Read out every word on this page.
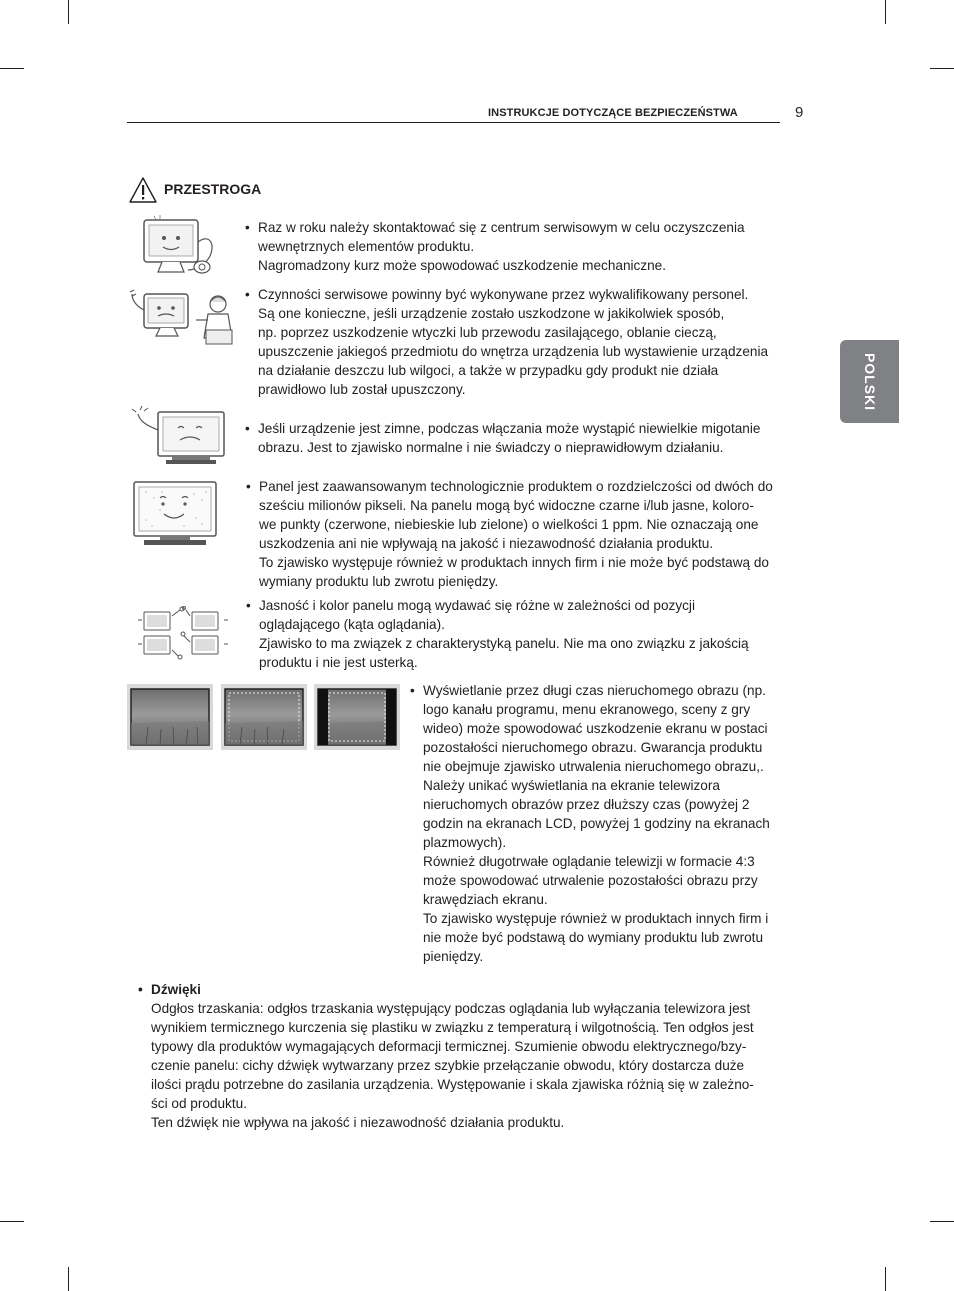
INSTRUKCJE DOTYCZĄCE BEZPIECZEŃSTWA	9
POLSKI
PRZESTROGA
• Raz w roku należy skontaktować się z centrum serwisowym w celu oczyszczenia
wewnętrznych elementów produktu.
Nagromadzony kurz może spowodować uszkodzenie mechaniczne.
• Czynności serwisowe powinny być wykonywane przez wykwalifikowany personel.
Są one konieczne, jeśli urządzenie zostało uszkodzone w jakikolwiek sposób,
np. poprzez uszkodzenie wtyczki lub przewodu zasilającego, oblanie cieczą,
upuszczenie jakiegoś przedmiotu do wnętrza urządzenia lub wystawienie urządzenia
na działanie deszczu lub wilgoci, a także w przypadku gdy produkt nie działa
prawidłowo lub został upuszczony.
• Jeśli urządzenie jest zimne, podczas włączania może wystąpić niewielkie migotanie
obrazu. Jest to zjawisko normalne i nie świadczy o nieprawidłowym działaniu.
• Panel jest zaawansowanym technologicznie produktem o rozdzielczości od dwóch do
sześciu milionów pikseli. Na panelu mogą być widoczne czarne i/lub jasne, koloro-
we punkty (czerwone, niebieskie lub zielone) o wielkości 1 ppm. Nie oznaczają one
uszkodzenia ani nie wpływają na jakość i niezawodność działania produktu.
To zjawisko występuje również w produktach innych firm i nie może być podstawą do
wymiany produktu lub zwrotu pieniędzy.
• Jasność i kolor panelu mogą wydawać się różne w zależności od pozycji
oglądającego (kąta oglądania).
Zjawisko to ma związek z charakterystyką panelu. Nie ma ono związku z jakością
produktu i nie jest usterką.
• Wyświetlanie przez długi czas nieruchomego obrazu (np.
logo kanału programu, menu ekranowego, sceny z gry
wideo) może spowodować uszkodzenie ekranu w postaci
pozostałości nieruchomego obrazu. Gwarancja produktu
nie obejmuje zjawisko utrwalenia nieruchomego obrazu,.
Należy unikać wyświetlania na ekranie telewizora
nieruchomych obrazów przez dłuższy czas (powyżej 2
godzin na ekranach LCD, powyżej 1 godziny na ekranach
plazmowych).
Również długotrwałe oglądanie telewizji w formacie 4:3
może spowodować utrwalenie pozostałości obrazu przy
krawędziach ekranu.
To zjawisko występuje również w produktach innych firm i
nie może być podstawą do wymiany produktu lub zwrotu
pieniędzy.
• Dźwięki
Odgłos trzaskania: odgłos trzaskania występujący podczas oglądania lub wyłączania telewizora jest
wynikiem termicznego kurczenia się plastiku w związku z temperaturą i wilgotnością. Ten odgłos jest
typowy dla produktów wymagających deformacji termicznej. Szumienie obwodu elektrycznego/bzy-
czenie panelu: cichy dźwięk wytwarzany przez szybkie przełączanie obwodu, który dostarcza duże
ilości prądu potrzebne do zasilania urządzenia. Występowanie i skala zjawiska różnią się w zależno-
ści od produktu.
Ten dźwięk nie wpływa na jakość i niezawodność działania produktu.
